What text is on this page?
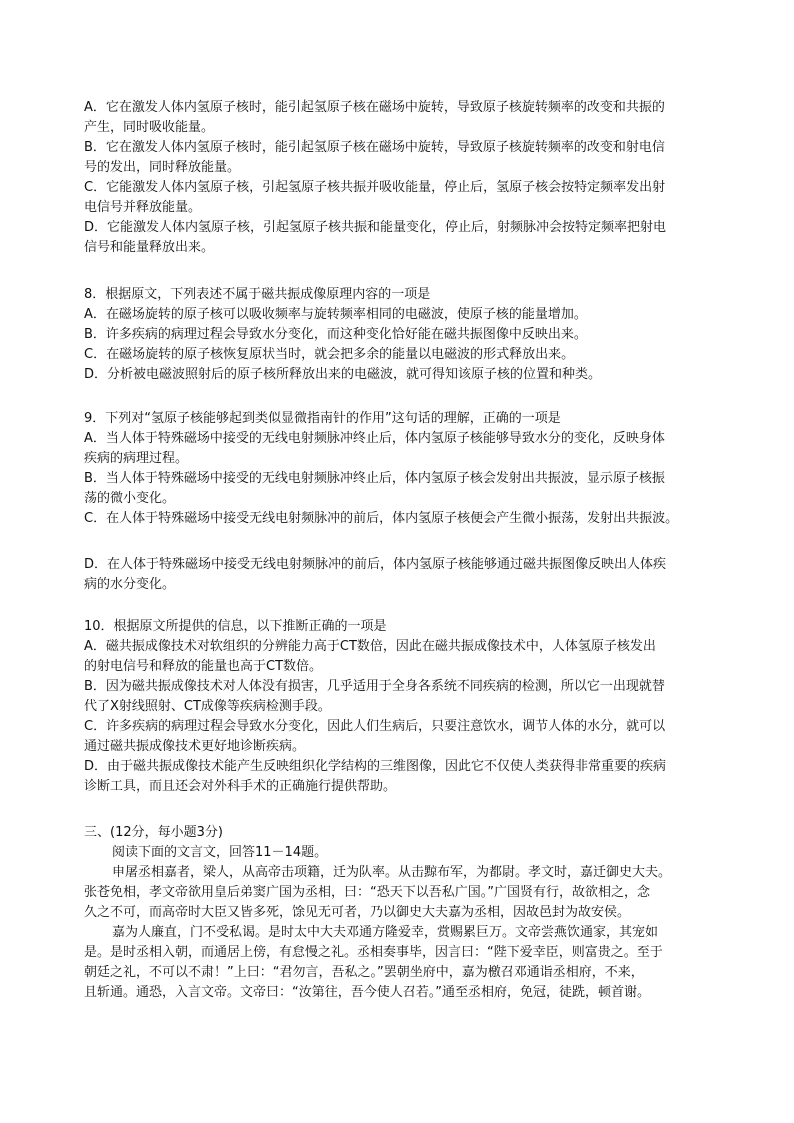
A．它在激发人体内氢原子核时，能引起氢原子核在磁场中旋转，导致原子核旋转频率的改变和共振的
产生，同时吸收能量。
B．它在激发人体内氢原子核时，能引起氢原子核在磁场中旋转，导致原子核旋转频率的改变和射电信
号的发出，同时释放能量。
C．它能激发人体内氢原子核，引起氢原子核共振并吸收能量，停止后，氢原子核会按特定频率发出射
电信号并释放能量。
D．它能激发人体内氢原子核，引起氢原子核共振和能量变化，停止后，射频脉冲会按特定频率把射电
信号和能量释放出来。
8．根据原文，下列表述不属于磁共振成像原理内容的一项是
A．在磁场旋转的原子核可以吸收频率与旋转频率相同的电磁波，使原子核的能量增加。
B．许多疾病的病理过程会导致水分变化，而这种变化恰好能在磁共振图像中反映出来。
C．在磁场旋转的原子核恢复原状当时，就会把多余的能量以电磁波的形式释放出来。
D．分析被电磁波照射后的原子核所释放出来的电磁波，就可得知该原子核的位置和种类。
9．下列对“氢原子核能够起到类似显微指南针的作用”这句话的理解，正确的一项是
A．当人体于特殊磁场中接受的无线电射频脉冲终止后，体内氢原子核能够导致水分的变化，反映身体
疾病的病理过程。
B．当人体于特殊磁场中接受的无线电射频脉冲终止后，体内氢原子核会发射出共振波，显示原子核振
荡的微小变化。
C．在人体于特殊磁场中接受无线电射频脉冲的前后，体内氢原子核便会产生微小振荡，发射出共振波。
D．在人体于特殊磁场中接受无线电射频脉冲的前后，体内氢原子核能够通过磁共振图像反映出人体疾
病的水分变化。
10．根据原文所提供的信息，以下推断正确的一项是
A．磁共振成像技术对软组织的分辨能力高于CT数倍，因此在磁共振成像技术中，人体氢原子核发出
的射电信号和释放的能量也高于CT数倍。
B．因为磁共振成像技术对人体没有损害，几乎适用于全身各系统不同疾病的检测，所以它一出现就替
代了X射线照射、CT成像等疾病检测手段。
C．许多疾病的病理过程会导致水分变化，因此人们生病后，只要注意饮水，调节人体的水分，就可以
通过磁共振成像技术更好地诊断疾病。
D．由于磁共振成像技术能产生反映组织化学结构的三维图像，因此它不仅使人类获得非常重要的疾病
诊断工具，而且还会对外科手术的正确施行提供帮助。
三、(12分，每小题3分)
阅读下面的文言文，回答11－14题。
申屠丞相嘉者，梁人，从高帝击项籍，迁为队率。从击黥布军，为都尉。孝文时，嘉迁御史大夫。
张苍免相，孝文帝欲用皇后弟窦广国为丞相，曰：“恐天下以吾私广国。”广国贤有行，故欲相之，念
久之不可，而高帝时大臣又皆多死，馀见无可者，乃以御史大夫嘉为丞相，因故邑封为故安侯。
嘉为人廉直，门不受私谒。是时太中大夫邓通方隆爱幸，赏赐累巨万。文帝尝燕饮通家，其宠如
是。是时丞相入朝，而通居上傍，有怠慢之礼。丞相奏事毕，因言曰：“陛下爱幸臣，则富贵之。至于
朝廷之礼，不可以不肃！”上曰：“君勿言，吾私之。”罢朝坐府中，嘉为檄召邓通诣丞相府，不来，
且斩通。通恐，入言文帝。文帝曰：“汝第往，吾今使人召若。”通至丞相府，免冠，徒跣，顿首谢。
